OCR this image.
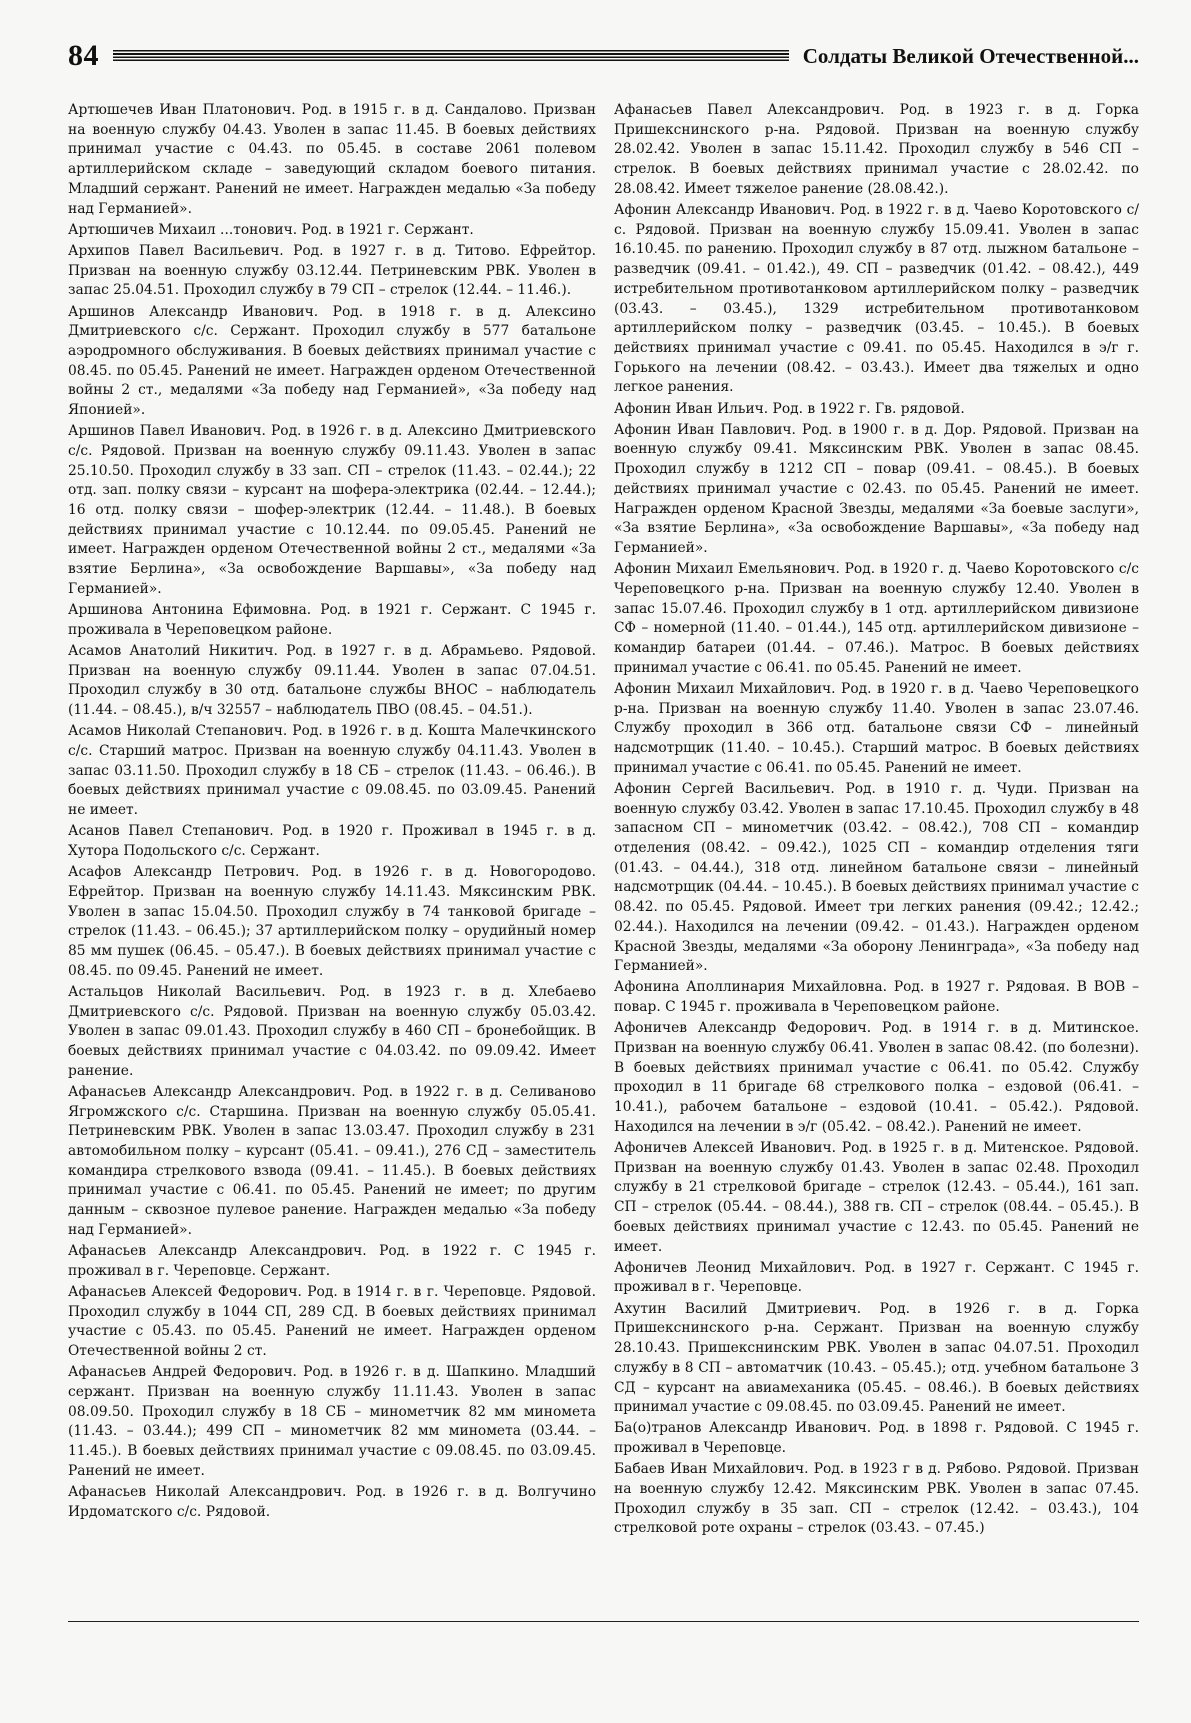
84	Солдаты Великой Отечественной...

Артюшечев Иван Платонович. Род. в 1915 г. в д. Сандалово. Призван на военную службу 04.43. Уволен в запас 11.45. В боевых действиях принимал участие с 04.43. по 05.45. в составе 2061 полевом артиллерийском складе – заведующий складом боевого питания. Младший сержант. Ранений не имеет. Награжден медалью «За победу над Германией».

Артюшичев Михаил ...тонович. Род. в 1921 г. Сержант.

Архипов Павел Васильевич. Род. в 1927 г. в д. Титово. Ефрейтор. Призван на военную службу 03.12.44. Петриневским РВК. Уволен в запас 25.04.51. Проходил службу в 79 СП – стрелок (12.44. – 11.46.).

Аршинов Александр Иванович. Род. в 1918 г. в д. Алексино Дмитриевского с/с. Сержант. Проходил службу в 577 батальоне аэродромного обслуживания. В боевых действиях принимал участие с 08.45. по 05.45. Ранений не имеет. Награжден орденом Отечественной войны 2 ст., медалями «За победу над Германией», «За победу над Японией».

Аршинов Павел Иванович. Род. в 1926 г. в д. Алексино Дмитриевского с/с. Рядовой. Призван на военную службу 09.11.43. Уволен в запас 25.10.50. Проходил службу в 33 зап. СП – стрелок (11.43. – 02.44.); 22 отд. зап. полку связи – курсант на шофера-электрика (02.44. – 12.44.); 16 отд. полку связи – шофер-электрик (12.44. – 11.48.). В боевых действиях принимал участие с 10.12.44. по 09.05.45. Ранений не имеет. Награжден орденом Отечественной войны 2 ст., медалями «За взятие Берлина», «За освобождение Варшавы», «За победу над Германией».

Аршинова Антонина Ефимовна. Род. в 1921 г. Сержант. С 1945 г. проживала в Череповецком районе.

Асамов Анатолий Никитич. Род. в 1927 г. в д. Абрамьево. Рядовой. Призван на военную службу 09.11.44. Уволен в запас 07.04.51. Проходил службу в 30 отд. батальоне службы ВНОС – наблюдатель (11.44. – 08.45.), в/ч 32557 – наблюдатель ПВО (08.45. – 04.51.).

Асамов Николай Степанович. Род. в 1926 г. в д. Кошта Малечкинского с/с. Старший матрос. Призван на военную службу 04.11.43. Уволен в запас 03.11.50. Проходил службу в 18 СБ – стрелок (11.43. – 06.46.). В боевых действиях принимал участие с 09.08.45. по 03.09.45. Ранений не имеет.

Асанов Павел Степанович. Род. в 1920 г. Проживал в 1945 г. в д. Хутора Подольского с/с. Сержант.

Асафов Александр Петрович. Род. в 1926 г. в д. Новогородово. Ефрейтор. Призван на военную службу 14.11.43. Мяксинским РВК. Уволен в запас 15.04.50. Проходил службу в 74 танковой бригаде – стрелок (11.43. – 06.45.); 37 артиллерийском полку – орудийный номер 85 мм пушек (06.45. – 05.47.). В боевых действиях принимал участие с 08.45. по 09.45. Ранений не имеет.

Астальцов Николай Васильевич. Род. в 1923 г. в д. Хлебаево Дмитриевского с/с. Рядовой. Призван на военную службу 05.03.42. Уволен в запас 09.01.43. Проходил службу в 460 СП – бронебойщик. В боевых действиях принимал участие с 04.03.42. по 09.09.42. Имеет ранение.

Афанасьев Александр Александрович. Род. в 1922 г. в д. Селиваново Ягромжского с/с. Старшина. Призван на военную службу 05.05.41. Петриневским РВК. Уволен в запас 13.03.47. Проходил службу в 231 автомобильном полку – курсант (05.41. – 09.41.), 276 СД – заместитель командира стрелкового взвода (09.41. – 11.45.). В боевых действиях принимал участие с 06.41. по 05.45. Ранений не имеет; по другим данным – сквозное пулевое ранение. Награжден медалью «За победу над Германией».

Афанасьев Александр Александрович. Род. в 1922 г. С 1945 г. проживал в г. Череповце. Сержант.

Афанасьев Алексей Федорович. Род. в 1914 г. в г. Череповце. Рядовой. Проходил службу в 1044 СП, 289 СД. В боевых действиях принимал участие с 05.43. по 05.45. Ранений не имеет. Награжден орденом Отечественной войны 2 ст.

Афанасьев Андрей Федорович. Род. в 1926 г. в д. Шапкино. Младший сержант. Призван на военную службу 11.11.43. Уволен в запас 08.09.50. Проходил службу в 18 СБ – минометчик 82 мм минометa (11.43. – 03.44.); 499 СП – минометчик 82 мм миномета (03.44. – 11.45.). В боевых действиях принимал участие с 09.08.45. по 03.09.45. Ранений не имеет.

Афанасьев Николай Александрович. Род. в 1926 г. в д. Волгучино Ирдоматского с/с. Рядовой.

Афанасьев Павел Александрович. Род. в 1923 г. в д. Горка Пришекснинского р-на. Рядовой. Призван на военную службу 28.02.42. Уволен в запас 15.11.42. Проходил службу в 546 СП – стрелок. В боевых действиях принимал участие с 28.02.42. по 28.08.42. Имеет тяжелое ранение (28.08.42.).

Афонин Александр Иванович. Род. в 1922 г. в д. Чаево Коротовского с/с. Рядовой. Призван на военную службу 15.09.41. Уволен в запас 16.10.45. по ранению. Проходил службу в 87 отд. лыжном батальоне – разведчик (09.41. – 01.42.), 49. СП – разведчик (01.42. – 08.42.), 449 истребительном противотанковом артиллерийском полку – разведчик (03.43. – 03.45.), 1329 истребительном противотанковом артиллерийском полку – разведчик (03.45. – 10.45.). В боевых действиях принимал участие с 09.41. по 05.45. Находился в э/г г. Горького на лечении (08.42. – 03.43.). Имеет два тяжелых и одно легкое ранения.

Афонин Иван Ильич. Род. в 1922 г. Гв. рядовой.

Афонин Иван Павлович. Род. в 1900 г. в д. Дор. Рядовой. Призван на военную службу 09.41. Мяксинским РВК. Уволен в запас 08.45. Проходил службу в 1212 СП – повар (09.41. – 08.45.). В боевых действиях принимал участие с 02.43. по 05.45. Ранений не имеет. Награжден орденом Красной Звезды, медалями «За боевые заслуги», «За взятие Берлина», «За освобождение Варшавы», «За победу над Германией».

Афонин Михаил Емельянович. Род. в 1920 г. д. Чаево Коротовского с/с Череповецкого р-на. Призван на военную службу 12.40. Уволен в запас 15.07.46. Проходил службу в 1 отд. артиллерийском дивизионе СФ – номерной (11.40. – 01.44.), 145 отд. артиллерийском дивизионе – командир батареи (01.44. – 07.46.). Матрос. В боевых действиях принимал участие с 06.41. по 05.45. Ранений не имеет.

Афонин Михаил Михайлович. Род. в 1920 г. в д. Чаево Череповецкого р-на. Призван на военную службу 11.40. Уволен в запас 23.07.46. Службу проходил в 366 отд. батальоне связи СФ – линейный надсмотрщик (11.40. – 10.45.). Старший матрос. В боевых действиях принимал участие с 06.41. по 05.45. Ранений не имеет.

Афонин Сергей Васильевич. Род. в 1910 г. д. Чуди. Призван на военную службу 03.42. Уволен в запас 17.10.45. Проходил службу в 48 запасном СП – минометчик (03.42. – 08.42.), 708 СП – командир отделения (08.42. – 09.42.), 1025 СП – командир отделения тяги (01.43. – 04.44.), 318 отд. линейном батальоне связи – линейный надсмотрщик (04.44. – 10.45.). В боевых действиях принимал участие с 08.42. по 05.45. Рядовой. Имеет три легких ранения (09.42.; 12.42.; 02.44.). Находился на лечении (09.42. – 01.43.). Награжден орденом Красной Звезды, медалями «За оборону Ленинграда», «За победу над Германией».

Афонина Аполлинария Михайловна. Род. в 1927 г. Рядовая. В ВОВ – повар. С 1945 г. проживала в Череповецком районе.

Афоничев Александр Федорович. Род. в 1914 г. в д. Митинское. Призван на военную службу 06.41. Уволен в запас 08.42. (по болезни). В боевых действиях принимал участие с 06.41. по 05.42. Службу проходил в 11 бригаде 68 стрелкового полка – ездовой (06.41. – 10.41.), рабочем батальоне – ездовой (10.41. – 05.42.). Рядовой. Находился на лечении в э/г (05.42. – 08.42.). Ранений не имеет.

Афоничев Алексей Иванович. Род. в 1925 г. в д. Митенское. Рядовой. Призван на военную службу 01.43. Уволен в запас 02.48. Проходил службу в 21 стрелковой бригаде – стрелок (12.43. – 05.44.), 161 зап. СП – стрелок (05.44. – 08.44.), 388 гв. СП – стрелок (08.44. – 05.45.). В боевых действиях принимал участие с 12.43. по 05.45. Ранений не имеет.

Афоничев Леонид Михайлович. Род. в 1927 г. Сержант. С 1945 г. проживал в г. Череповце.

Ахутин Василий Дмитриевич. Род. в 1926 г. в д. Горка Пришекснинского р-на. Сержант. Призван на военную службу 28.10.43. Пришекснинским РВК. Уволен в запас 04.07.51. Проходил службу в 8 СП – автоматчик (10.43. – 05.45.); отд. учебном батальоне 3 СД – курсант на авиамеханика (05.45. – 08.46.). В боевых действиях принимал участие с 09.08.45. по 03.09.45. Ранений не имеет.

Ба(о)транов Александр Иванович. Род. в 1898 г. Рядовой. С 1945 г. проживал в Череповце.

Бабаев Иван Михайлович. Род. в 1923 г в д. Рябово. Рядовой. Призван на военную службу 12.42. Мяксинским РВК. Уволен в запас 07.45. Проходил службу в 35 зап. СП – стрелок (12.42. – 03.43.), 104 стрелковой роте охраны – стрелок (03.43. – 07.45.)
